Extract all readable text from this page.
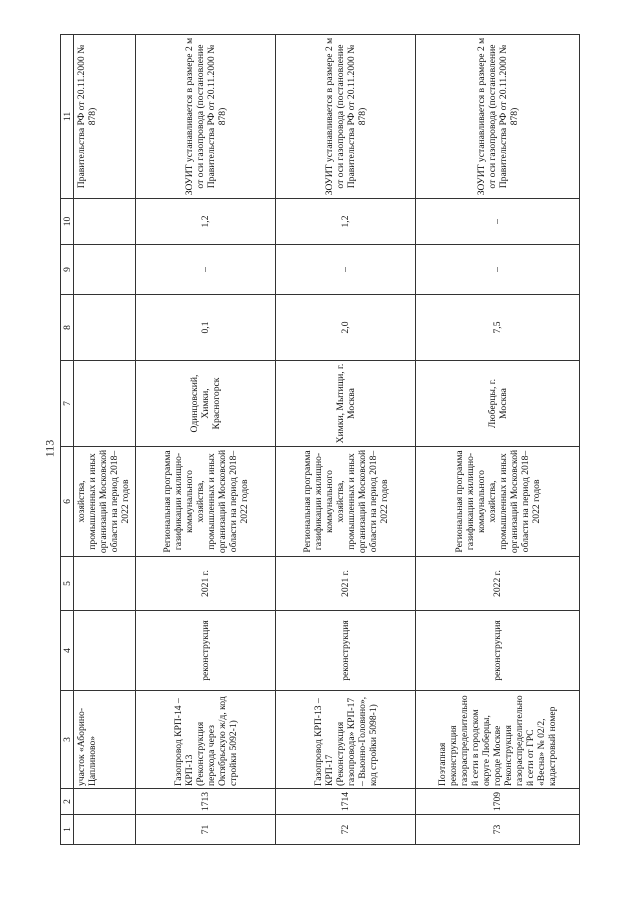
113
1	2	3	4	5	6	7	8	9	10	11
		участок «Аборино-Цаплиново»			хозяйства, промышленных и иных организаций Московской области на период 2018–2022 годов					Правительства РФ от 20.11.2000 № 878)
71	1713	Газопровод КРП-14 – КРП-13 (Реконструкция перехода через Октябрьскую ж/д, код стройки 5092-1)	реконструкция	2021 г.	Региональная программа газификации жилищно-коммунального хозяйства, промышленных и иных организаций Московской области на период 2018–2022 годов	Одинцовский, Химки, Красногорск	0,1	–	1,2	ЗОУИТ устанавливается в размере 2 м от оси газопровода (постановление Правительства РФ от 20.11.2000 № 878)
72	1714	Газопровод КРП-13 – КРП-17 (Реконструкция газопровода» КРП-17 – Вьюнно-Головино», код стройки 5098-1)	реконструкция	2021 г.	Региональная программа газификации жилищно-коммунального хозяйства, промышленных и иных организаций Московской области на период 2018–2022 годов	Химки, Мытищи, г. Москва	2,0	–	1,2	ЗОУИТ устанавливается в размере 2 м от оси газопровода (постановление Правительства РФ от 20.11.2000 № 878)
73	1709	Поэтапная реконструкция газораспределительной сети в городском округе Люберцы, городе Москве Реконструкция газораспределительной сети от ГРС «Весна» № 02/2, кадастровый номер	реконструкция	2022 г.	Региональная программа газификации жилищно-коммунального хозяйства, промышленных и иных организаций Московской области на период 2018–2022 годов	Люберцы, г. Москва	7,5	–	–	ЗОУИТ устанавливается в размере 2 м от оси газопровода (постановление Правительства РФ от 20.11.2000 № 878)
